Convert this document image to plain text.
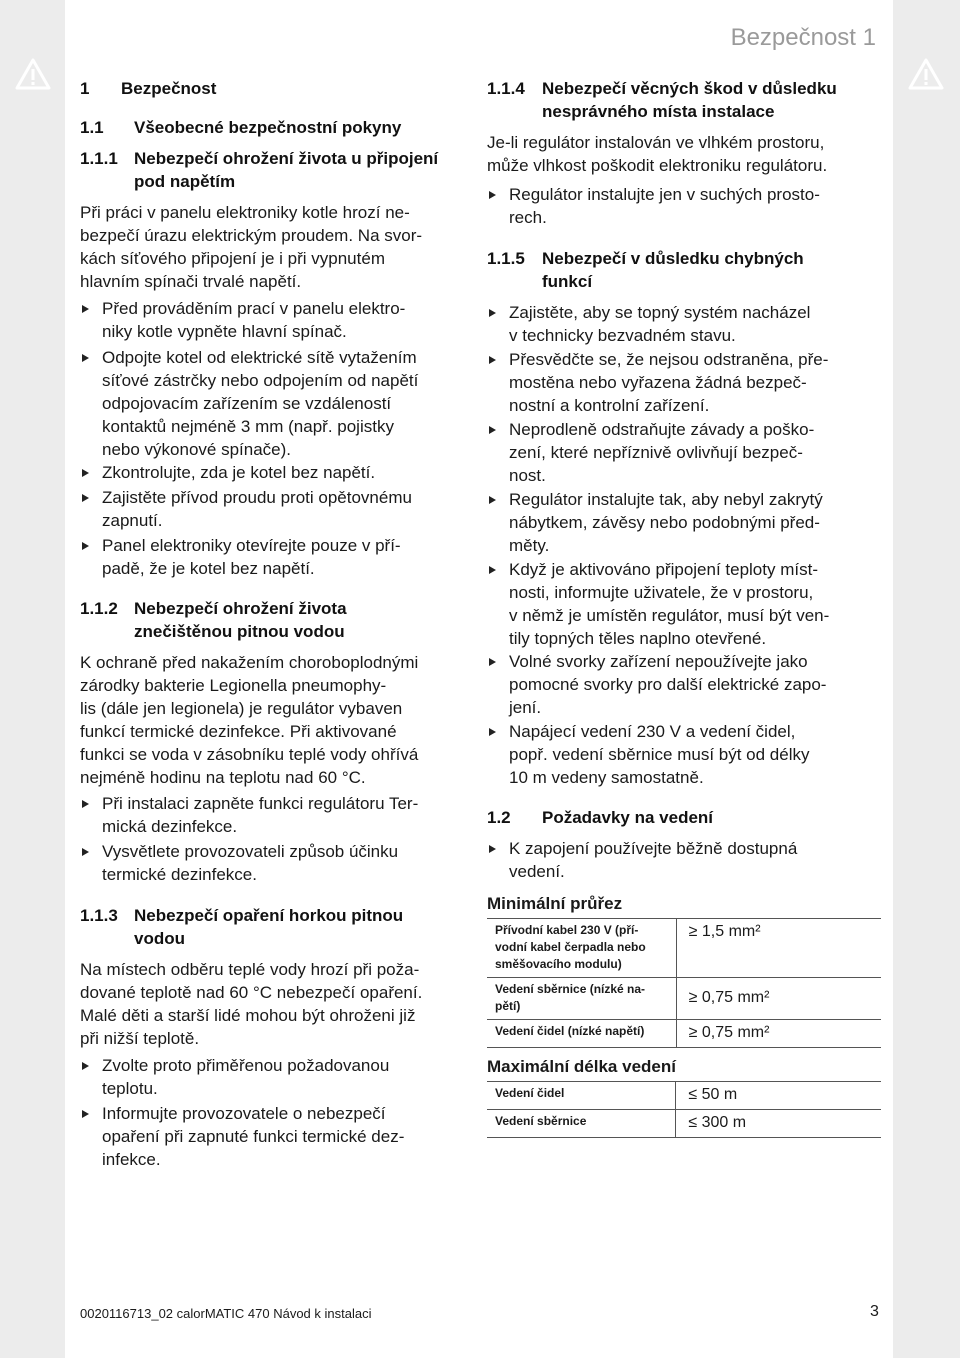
Bezpečnost 1
1	Bezpečnost
1.1	Všeobecné bezpečnostní pokyny
1.1.1 Nebezpečí ohrožení života u připojení
pod napětím
Při práci v panelu elektroniky kotle hrozí ne-
bezpečí úrazu elektrickým proudem. Na svor-
kách síťového připojení je i při vypnutém
hlavním spínači trvalé napětí.
Před prováděním prací v panelu elektro-
niky kotle vypněte hlavní spínač.
Odpojte kotel od elektrické sítě vytažením
síťové zástrčky nebo odpojením od napětí
odpojovacím zařízením se vzdáleností
kontaktů nejméně 3 mm (např. pojistky
nebo výkonové spínače).
Zkontrolujte, zda je kotel bez napětí.
Zajistěte přívod proudu proti opětovnému
zapnutí.
Panel elektroniky otevírejte pouze v pří-
padě, že je kotel bez napětí.
1.1.2 Nebezpečí ohrožení života
znečištěnou pitnou vodou
K ochraně před nakažením choroboplodnými
zárodky bakterie Legionella pneumophy-
lis (dále jen legionela) je regulátor vybaven
funkcí termické dezinfekce. Při aktivované
funkci se voda v zásobníku teplé vody ohřívá
nejméně hodinu na teplotu nad 60 °C.
Při instalaci zapněte funkci regulátoru Ter-
mická dezinfekce.
Vysvětlete provozovateli způsob účinku
termické dezinfekce.
1.1.3 Nebezpečí opaření horkou pitnou
vodou
Na místech odběru teplé vody hrozí při poža-
dované teplotě nad 60 °C nebezpečí opaření.
Malé děti a starší lidé mohou být ohroženi již
při nižší teplotě.
Zvolte proto přiměřenou požadovanou
teplotu.
Informujte provozovatele o nebezpečí
opaření při zapnuté funkci termické dez-
infekce.
1.1.4	Nebezpečí věcných škod v důsledku
nesprávného místa instalace
Je-li regulátor instalován ve vlhkém prostoru,
může vlhkost poškodit elektroniku regulátoru.
Regulátor instalujte jen v suchých prosto-
rech.
1.1.5	Nebezpečí v důsledku chybných
funkcí
Zajistěte, aby se topný systém nacházel
v technicky bezvadném stavu.
Přesvědčte se, že nejsou odstraněna, pře-
mostěna nebo vyřazena žádná bezpeč-
nostní a kontrolní zařízení.
Neprodleně odstraňujte závady a poško-
zení, které nepříznivě ovlivňují bezpeč-
nost.
Regulátor instalujte tak, aby nebyl zakrytý
nábytkem, závěsy nebo podobnými před-
měty.
Když je aktivováno připojení teploty míst-
nosti, informujte uživatele, že v prostoru,
v němž je umístěn regulátor, musí být ven-
tily topných těles naplno otevřené.
Volné svorky zařízení nepoužívejte jako
pomocné svorky pro další elektrické zapo-
jení.
Napájecí vedení 230 V a vedení čidel,
popř. vedení sběrnice musí být od délky
10 m vedeny samostatně.
1.2	Požadavky na vedení
K zapojení používejte běžně dostupná
vedení.
Minimální průřez
Přívodní kabel 230 V (pří-
vodní kabel čerpadla nebo
směšovacího modulu)	≥ 1,5 mm²

Vedení sběrnice (nízké na-
pětí)	≥ 0,75 mm²

Vedení čidel (nízké napětí)	≥ 0,75 mm²
Maximální délka vedení
Vedení čidel	≤ 50 m

Vedení sběrnice	≤ 300 m
0020116713_02 calorMATIC 470 Návod k instalaci	3
